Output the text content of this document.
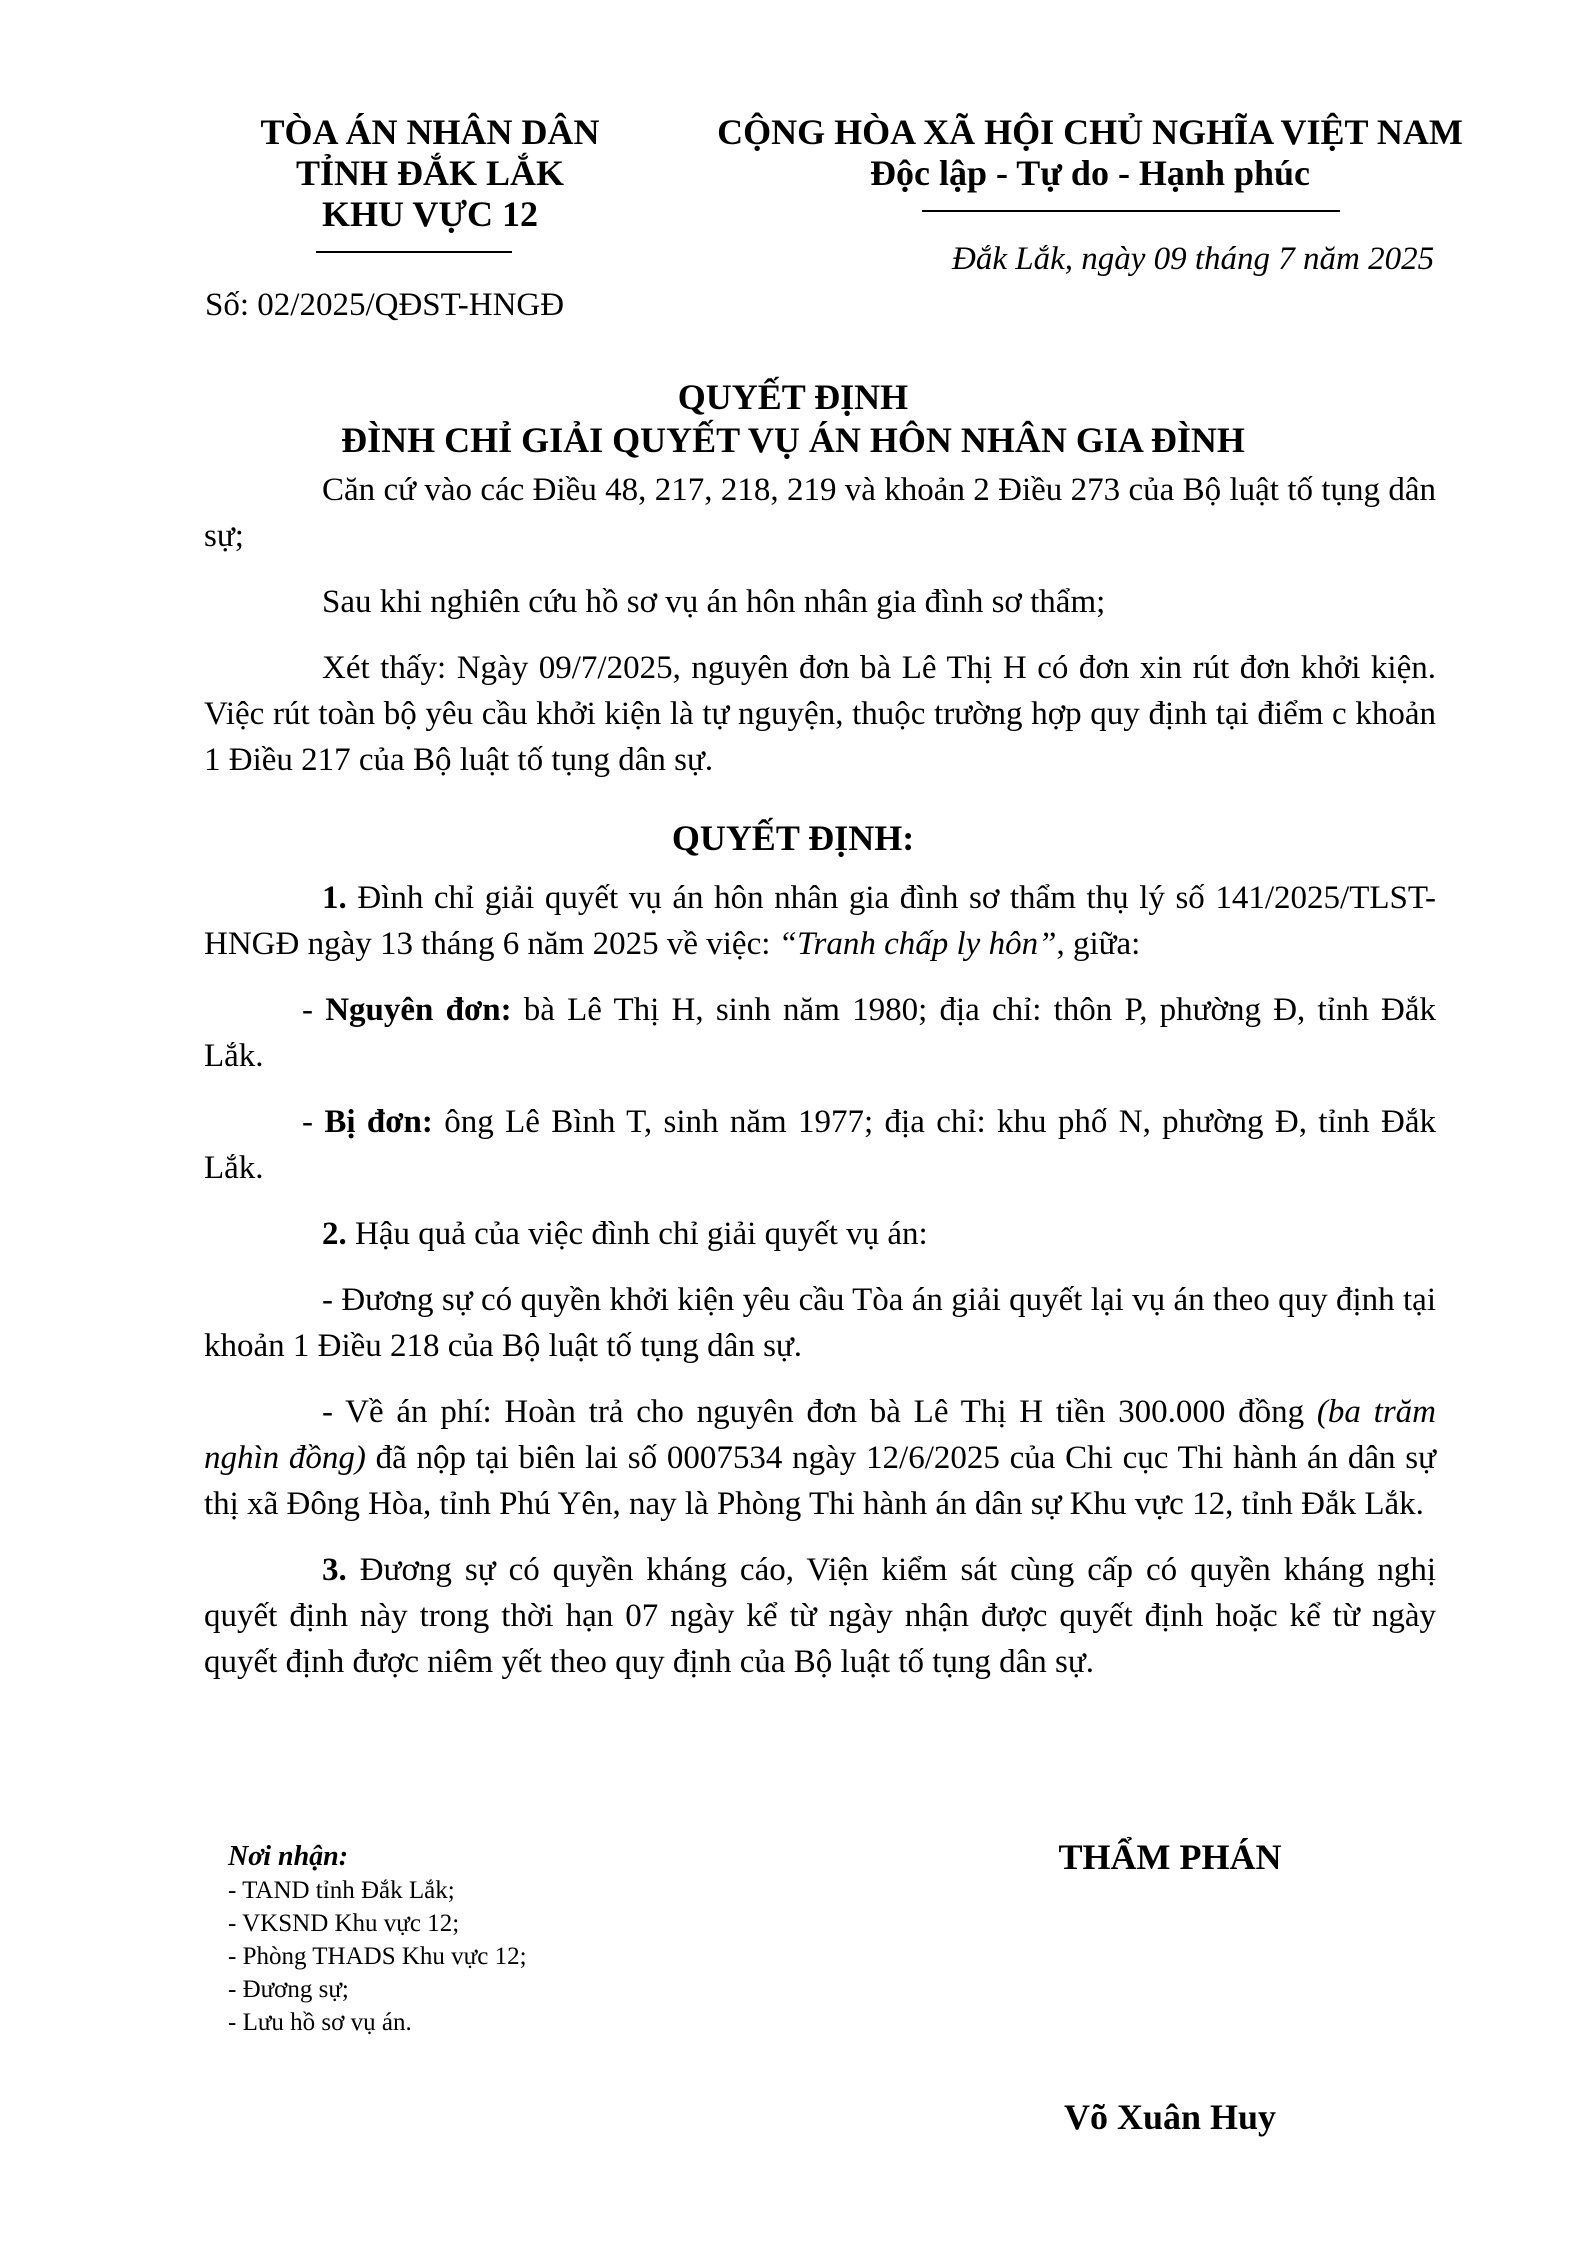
TÒA ÁN NHÂN DÂN
TỈNH ĐẮK LẮK
KHU VỰC 12
Số: 02/2025/QĐST-HNGĐ
CỘNG HÒA XÃ HỘI CHỦ NGHĨA VIỆT NAM
Độc lập - Tự do - Hạnh phúc
Đắk Lắk, ngày 09 tháng 7 năm 2025
QUYẾT ĐỊNH
ĐÌNH CHỈ GIẢI QUYẾT VỤ ÁN HÔN NHÂN GIA ĐÌNH

Căn cứ vào các Điều 48, 217, 218, 219 và khoản 2 Điều 273 của Bộ luật tố tụng dân sự;

Sau khi nghiên cứu hồ sơ vụ án hôn nhân gia đình sơ thẩm;

Xét thấy: Ngày 09/7/2025, nguyên đơn bà Lê Thị H có đơn xin rút đơn khởi kiện. Việc rút toàn bộ yêu cầu khởi kiện là tự nguyện, thuộc trường hợp quy định tại điểm c khoản 1 Điều 217 của Bộ luật tố tụng dân sự.

QUYẾT ĐỊNH:

1. Đình chỉ giải quyết vụ án hôn nhân gia đình sơ thẩm thụ lý số 141/2025/TLST-HNGĐ ngày 13 tháng 6 năm 2025 về việc: “Tranh chấp ly hôn”, giữa:

- Nguyên đơn: bà Lê Thị H, sinh năm 1980; địa chỉ: thôn P, phường Đ, tỉnh Đắk Lắk.

- Bị đơn: ông Lê Bình T, sinh năm 1977; địa chỉ: khu phố N, phường Đ, tỉnh Đắk Lắk.

2. Hậu quả của việc đình chỉ giải quyết vụ án:

- Đương sự có quyền khởi kiện yêu cầu Tòa án giải quyết lại vụ án theo quy định tại khoản 1 Điều 218 của Bộ luật tố tụng dân sự.

- Về án phí: Hoàn trả cho nguyên đơn bà Lê Thị H tiền 300.000 đồng (ba trăm nghìn đồng) đã nộp tại biên lai số 0007534 ngày 12/6/2025 của Chi cục Thi hành án dân sự thị xã Đông Hòa, tỉnh Phú Yên, nay là Phòng Thi hành án dân sự Khu vực 12, tỉnh Đắk Lắk.

3. Đương sự có quyền kháng cáo, Viện kiểm sát cùng cấp có quyền kháng nghị quyết định này trong thời hạn 07 ngày kể từ ngày nhận được quyết định hoặc kể từ ngày quyết định được niêm yết theo quy định của Bộ luật tố tụng dân sự.

Nơi nhận:
- TAND tỉnh Đắk Lắk;
- VKSND Khu vực 12;
- Phòng THADS Khu vực 12;
- Đương sự;
- Lưu hồ sơ vụ án.
THẨM PHÁN
Võ Xuân Huy
